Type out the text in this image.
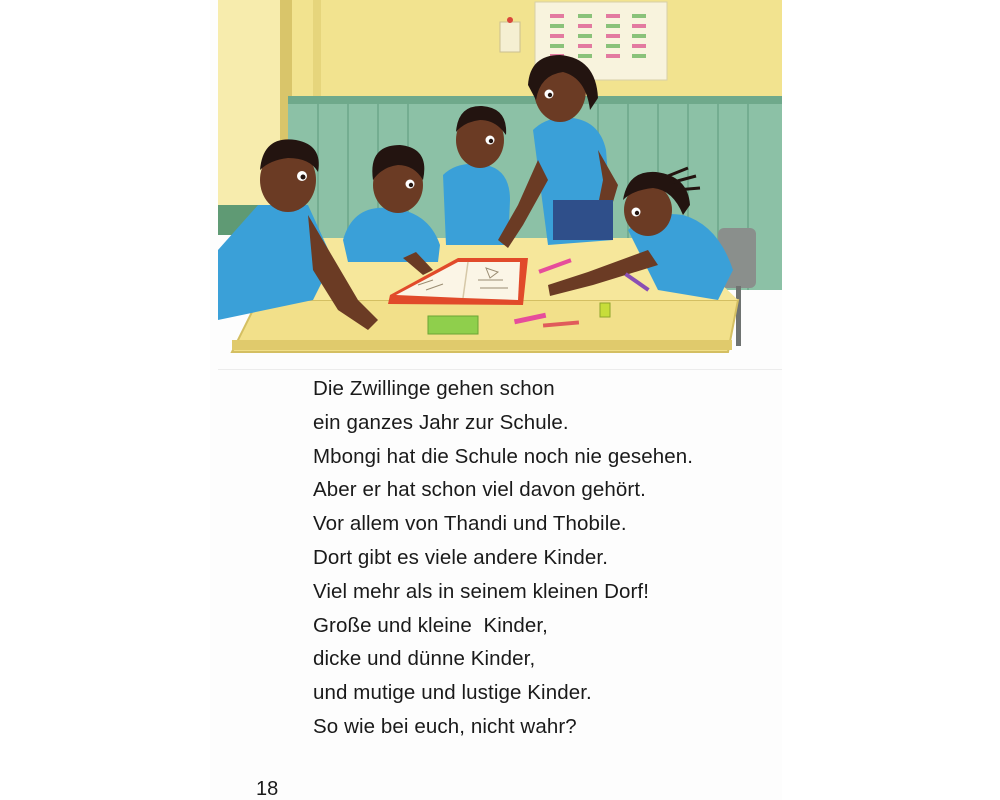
Die Zwillinge gehen schon
ein ganzes Jahr zur Schule.
Mbongi hat die Schule noch nie gesehen.
Aber er hat schon viel davon gehört.
Vor allem von Thandi und Thobile.
Dort gibt es viele andere Kinder.
Viel mehr als in seinem kleinen Dorf!
Große und kleine  Kinder,
dicke und dünne Kinder,
und mutige und lustige Kinder.
So wie bei euch, nicht wahr?
18
